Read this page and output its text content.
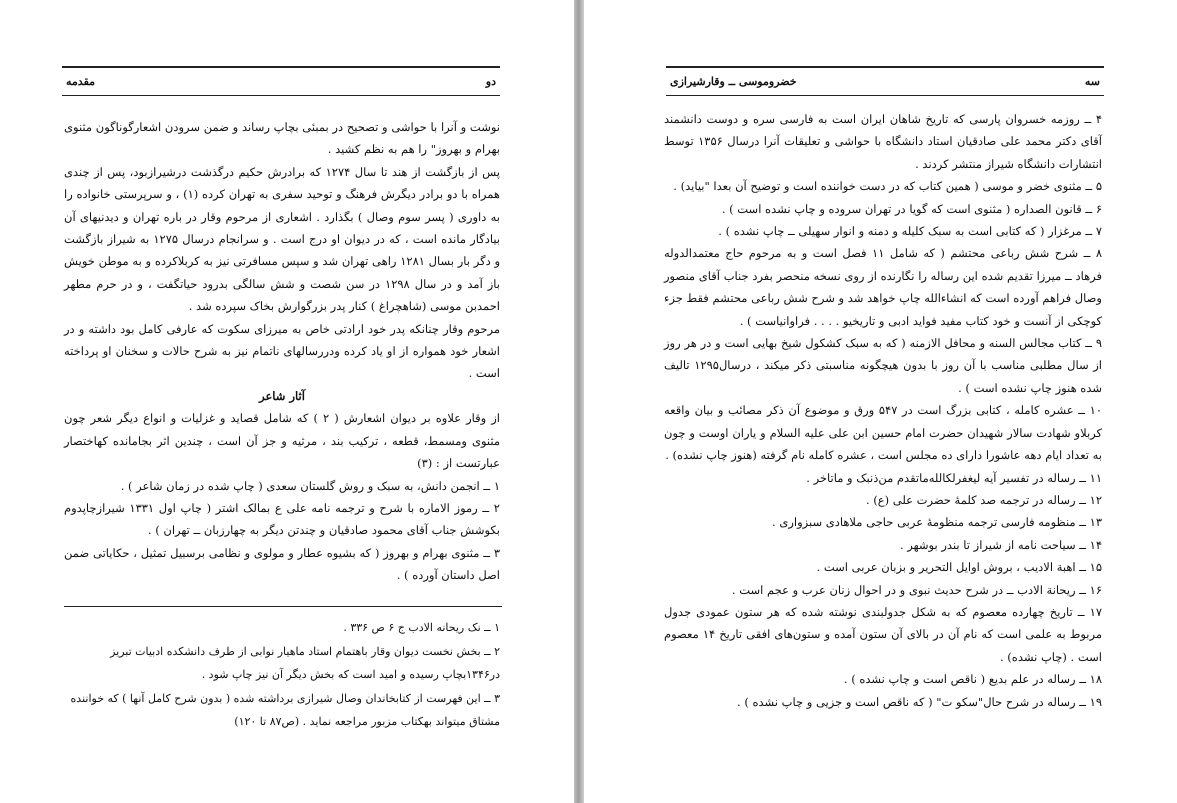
مقدمه	دو

نوشت و آنرا با حواشی و تصحیح در بمبئی بچاپ رساند و ضمن سرودن اشعارگوناگون مثنوی بهرام و بهروز" را هم به نظم کشید .

پس از بازگشت از هند تا سال ۱۲۷۴ که برادرش حکیم درگذشت درشیرازبود، پس از چندی همراه با دو برادر دیگرش فرهنگ و توحید سفری به تهران کرده (۱) ، و سرپرستی خانواده را به داوری ( پسر سوم وصال ) بگذارد . اشعاری از مرحوم وقار در باره تهران و دیدنیهای آن بیادگار مانده است ، که در دیوان او درج است . و سرانجام درسال ۱۲۷۵ به شیراز بازگشت و دگر بار بسال ۱۲۸۱ راهی تهران شد و سپس مسافرتی نیز به کربلاکرده و به موطن خویش باز آمد و در سال ۱۲۹۸ در سن شصت و شش سالگی بدرود حیاتگفت ، و در حرم مطهر احمدبن موسی (شاهچراغ ) کنار پدر بزرگوارش بخاک سپرده شد .

مرحوم وقار چنانکه پدر خود ارادتی خاص به میرزای سکوت که عارفی کامل بود داشته و در اشعار خود همواره از او یاد کرده ودررسالهای ناتمام نیز به شرح حالات و سخنان او پرداخته است .

آثار شاعر

از وقار علاوه بر دیوان اشعارش ( ۲ ) که شامل قصاید و غزلیات و انواع دیگر شعر چون مثنوی ومسمط، قطعه ، ترکیب بند ، مرثیه و جز آن است ، چندین اثر بجامانده کهاختصار عبارتست از : (۳)

۱ ــ انجمن دانش، به سبک و روش گلستان سعدی ( چاپ شده در زمان شاعر ) .

۲ ــ رموز الاماره با شرح و ترجمه نامه علی ع بمالک اشتر ( چاپ اول ۱۳۳۱ شیرازچاپدوم بکوشش جناب آقای محمود صادقیان و چندتن دیگر به چهارزبان ــ تهران ) .

۳ ــ مثنوی بهرام و بهروز ( که بشیوه عطار و مولوی و نظامی برسبیل تمثیل ، حکایاتی ضمن اصل داستان آورده ) .

۱ ــ نک ریحانه الادب ج ۶ ص ۳۳۶ .

۲ ــ بخش نخست دیوان وقار باهتمام استاد ماهیار نوابی از طرف دانشکده ادبیات تبریز در۱۳۴۶بچاپ رسیده و امید است که بخش دیگر آن نیز چاپ شود .

۳ ــ این فهرست از کتابخاندان وصال شیرازی برداشته شده ( بدون شرح کامل آنها ) که خواننده مشتاق میتواند بهکتاب مزبور مراجعه نماید . (ص۸۷ تا ۱۲۰)

خضروموسی ــ وقارشیرازی	سه

۴ ــ روزمه خسروان پارسی که تاریخ شاهان ایران است به فارسی سره و دوست دانشمند آقای دکتر محمد علی صادقیان استاد دانشگاه با حواشی و تعلیقات آنرا درسال ۱۳۵۶ توسط انتشارات دانشگاه شیراز منتشر کردند .

۵ ــ مثنوی خضر و موسی ( همین کتاب که در دست خواننده است و توضیح آن بعدا "بیاید) .

۶ ــ قانون الصداره ( مثنوی است که گویا در تهران سروده و چاپ نشده است ) .

۷ ــ مرغزار ( که کتابی است به سبک کلیله و دمنه و انوار سهیلی ــ چاپ نشده ) .

۸ ــ شرح شش رباعی محتشم ( که شامل ۱۱ فصل است و به مرحوم حاج معتمدالدوله فرهاد ــ میرزا تقدیم شده این رساله را نگارنده از روی نسخه منحصر بفرد جناب آقای منصور وصال فراهم آورده است که انشاءالله چاپ خواهد شد و شرح شش رباعی محتشم فقط جزء کوچکی از آنست و خود کتاب مفید فواید ادبی و تاریخیو . . . . فراوانیاست ) .

۹ ــ کتاب مجالس السنه و محافل الازمنه ( که به سبک کشکول شیخ بهایی است و در هر روز از سال مطلبی مناسب با آن روز با بدون هیچگونه مناسبتی ذکر میکند ، درسال۱۲۹۵ تالیف شده هنوز چاپ نشده است ) .

۱۰ ــ عشره کامله ، کتابی بزرگ است در ۵۴۷ ورق و موضوع آن ذکر مصائب و بیان واقعه کربلاو شهادت سالار شهیدان حضرت امام حسین ابن علی علیه السلام و یاران اوست و چون به تعداد ایام دهه عاشورا دارای ده مجلس است ، عشره کامله نام گرفته (هنوز چاپ نشده) .

۱۱ ــ رساله در تفسیر آیه لیغفرلکالله‌ماتقدم من‌ذنبک و ماتاخر .

۱۲ ــ رساله در ترجمه صد کلمهٔ حضرت علی (ع) .

۱۳ ــ منظومه فارسی ترجمه منظومهٔ عربی حاجی ملاهادی سبزواری .

۱۴ ــ سیاحت نامه از شیراز تا بندر بوشهر .

۱۵ ــ اهبة الادیب ، بروش اوایل التحریر و بزبان عربی است .

۱۶ ــ ریحانة الادب ــ در شرح حدیث نبوی و در احوال زنان عرب و عجم است .

۱۷ ــ تاریخ چهارده معصوم که به شکل جدولبندی نوشته شده که هر ستون عمودی جدول مربوط به علمی است که نام آن در بالای آن ستون آمده و ستون‌های افقی تاریخ ۱۴ معصوم است . (چاپ نشده) .

۱۸ ــ رساله در علم بدیع ( ناقص است و چاپ نشده ) .

۱۹ ــ رساله در شرح حال"سکو ت" ( که ناقص است و جزیی و چاپ نشده ) .
